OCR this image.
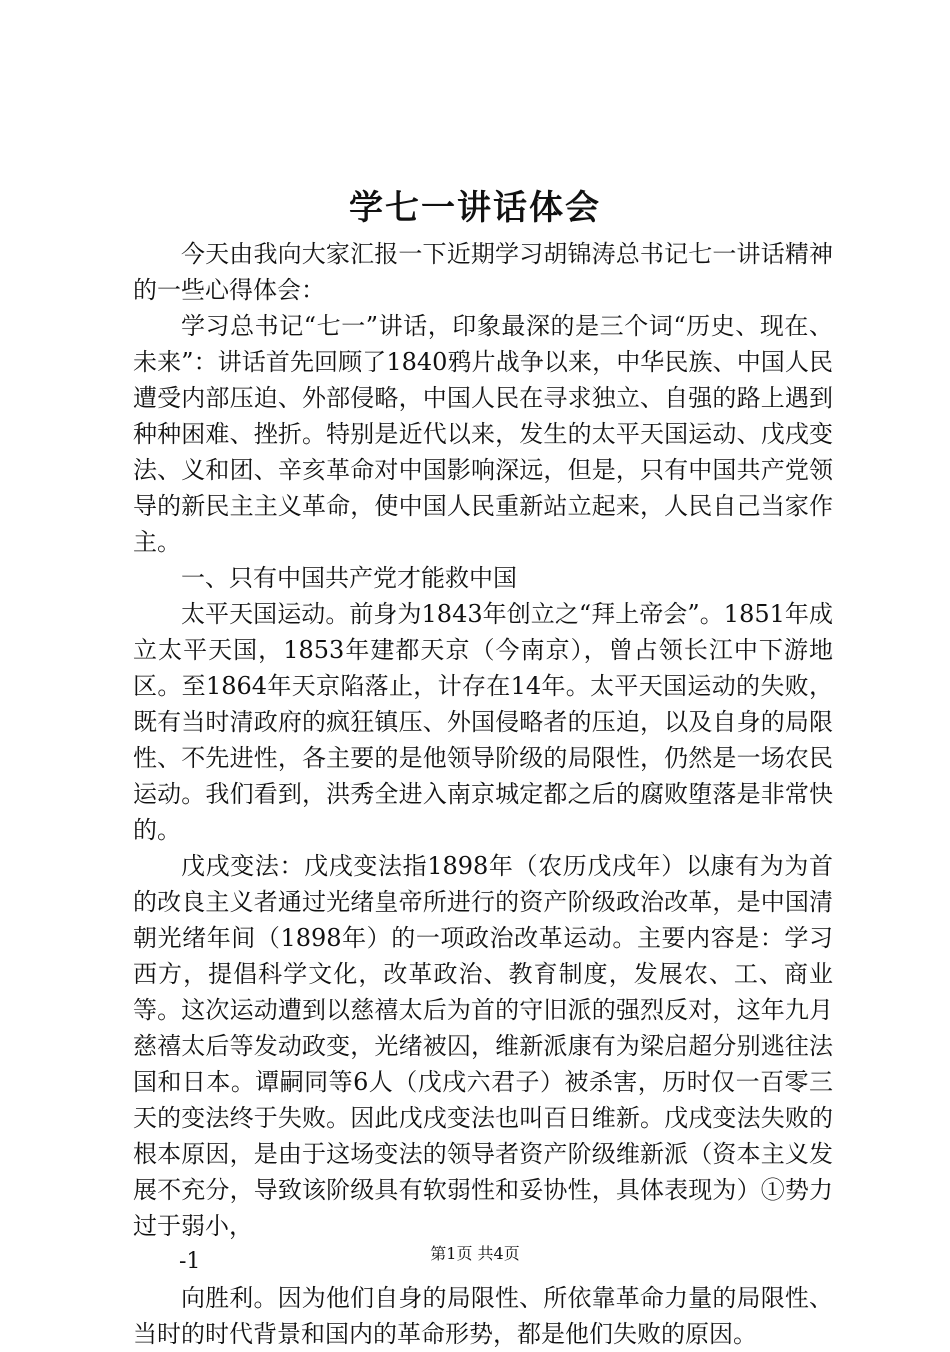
学七一讲话体会

今天由我向大家汇报一下近期学习胡锦涛总书记七一讲话精神的一些心得体会：

学习总书记“七一”讲话，印象最深的是三个词“历史、现在、未来”：讲话首先回顾了1840鸦片战争以来，中华民族、中国人民遭受内部压迫、外部侵略，中国人民在寻求独立、自强的路上遇到种种困难、挫折。特别是近代以来，发生的太平天国运动、戊戌变法、义和团、辛亥革命对中国影响深远，但是，只有中国共产党领导的新民主主义革命，使中国人民重新站立起来，人民自己当家作主。

一、只有中国共产党才能救中国

太平天国运动。前身为1843年创立之“拜上帝会”。1851年成立太平天国，1853年建都天京（今南京），曾占领长江中下游地区。至1864年天京陷落止，计存在14年。太平天国运动的失败，既有当时清政府的疯狂镇压、外国侵略者的压迫，以及自身的局限性、不先进性，各主要的是他领导阶级的局限性，仍然是一场农民运动。我们看到，洪秀全进入南京城定都之后的腐败堕落是非常快的。

戊戌变法：戊戌变法指1898年（农历戊戌年）以康有为为首的改良主义者通过光绪皇帝所进行的资产阶级政治改革，是中国清朝光绪年间（1898年）的一项政治改革运动。主要内容是：学习西方，提倡科学文化，改革政治、教育制度，发展农、工、商业等。这次运动遭到以慈禧太后为首的守旧派的强烈反对，这年九月慈禧太后等发动政变，光绪被囚，维新派康有为梁启超分别逃往法国和日本。谭嗣同等6人（戊戌六君子）被杀害，历时仅一百零三天的变法终于失败。因此戊戌变法也叫百日维新。戊戌变法失败的根本原因，是由于这场变法的领导者资产阶级维新派（资本主义发展不充分，导致该阶级具有软弱性和妥协性，具体表现为）①势力过于弱小，

-1

向胜利。因为他们自身的局限性、所依靠革命力量的局限性、当时的时代背景和国内的革命形势，都是他们失败的原因。

第1页 共4页
